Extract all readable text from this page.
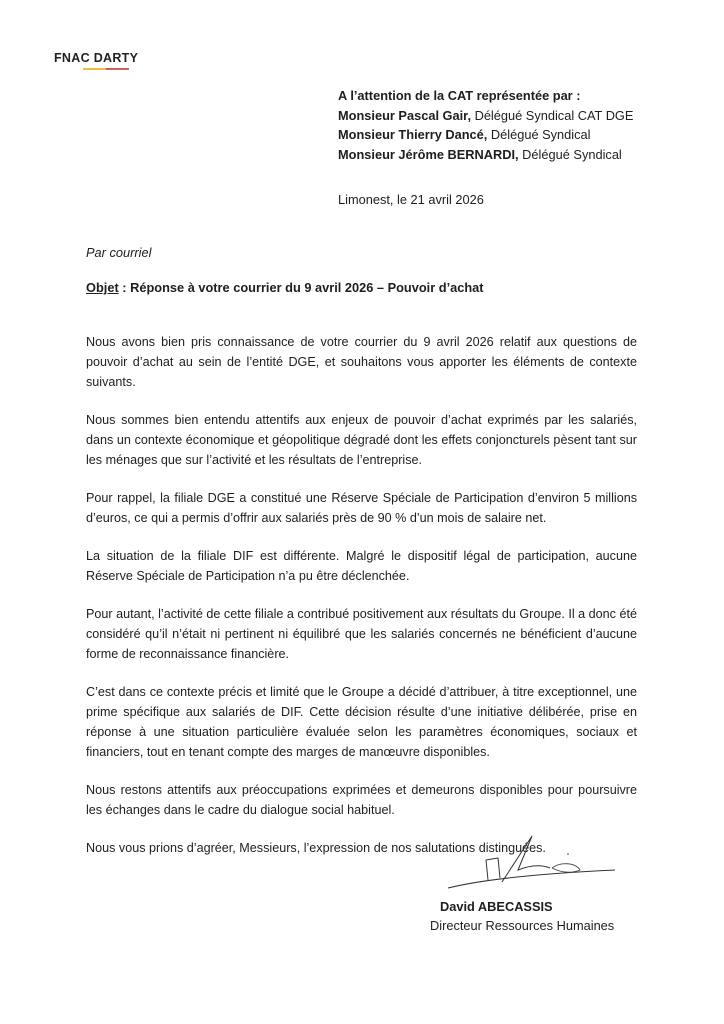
FNAC DARTY
A l’attention de la CAT représentée par :
Monsieur Pascal Gair, Délégué Syndical CAT DGE
Monsieur Thierry Dancé, Délégué Syndical
Monsieur Jérôme BERNARDI, Délégué Syndical
Limonest, le 21 avril 2026
Par courriel
Objet : Réponse à votre courrier du 9 avril 2026 – Pouvoir d’achat

Nous avons bien pris connaissance de votre courrier du 9 avril 2026 relatif aux questions de pouvoir d’achat au sein de l’entité DGE, et souhaitons vous apporter les éléments de contexte suivants.

Nous sommes bien entendu attentifs aux enjeux de pouvoir d’achat exprimés par les salariés, dans un contexte économique et géopolitique dégradé dont les effets conjoncturels pèsent tant sur les ménages que sur l’activité et les résultats de l’entreprise.

Pour rappel, la filiale DGE a constitué une Réserve Spéciale de Participation d’environ 5 millions d’euros, ce qui a permis d’offrir aux salariés près de 90 % d’un mois de salaire net.

La situation de la filiale DIF est différente. Malgré le dispositif légal de participation, aucune Réserve Spéciale de Participation n’a pu être déclenchée.

Pour autant, l’activité de cette filiale a contribué positivement aux résultats du Groupe. Il a donc été considéré qu’il n’était ni pertinent ni équilibré que les salariés concernés ne bénéficient d’aucune forme de reconnaissance financière.

C’est dans ce contexte précis et limité que le Groupe a décidé d’attribuer, à titre exceptionnel, une prime spécifique aux salariés de DIF. Cette décision résulte d’une initiative délibérée, prise en réponse à une situation particulière évaluée selon les paramètres économiques, sociaux et financiers, tout en tenant compte des marges de manœuvre disponibles.

Nous restons attentifs aux préoccupations exprimées et demeurons disponibles pour poursuivre les échanges dans le cadre du dialogue social habituel.

Nous vous prions d’agréer, Messieurs, l’expression de nos salutations distinguées.

David ABECASSIS
Directeur Ressources Humaines
